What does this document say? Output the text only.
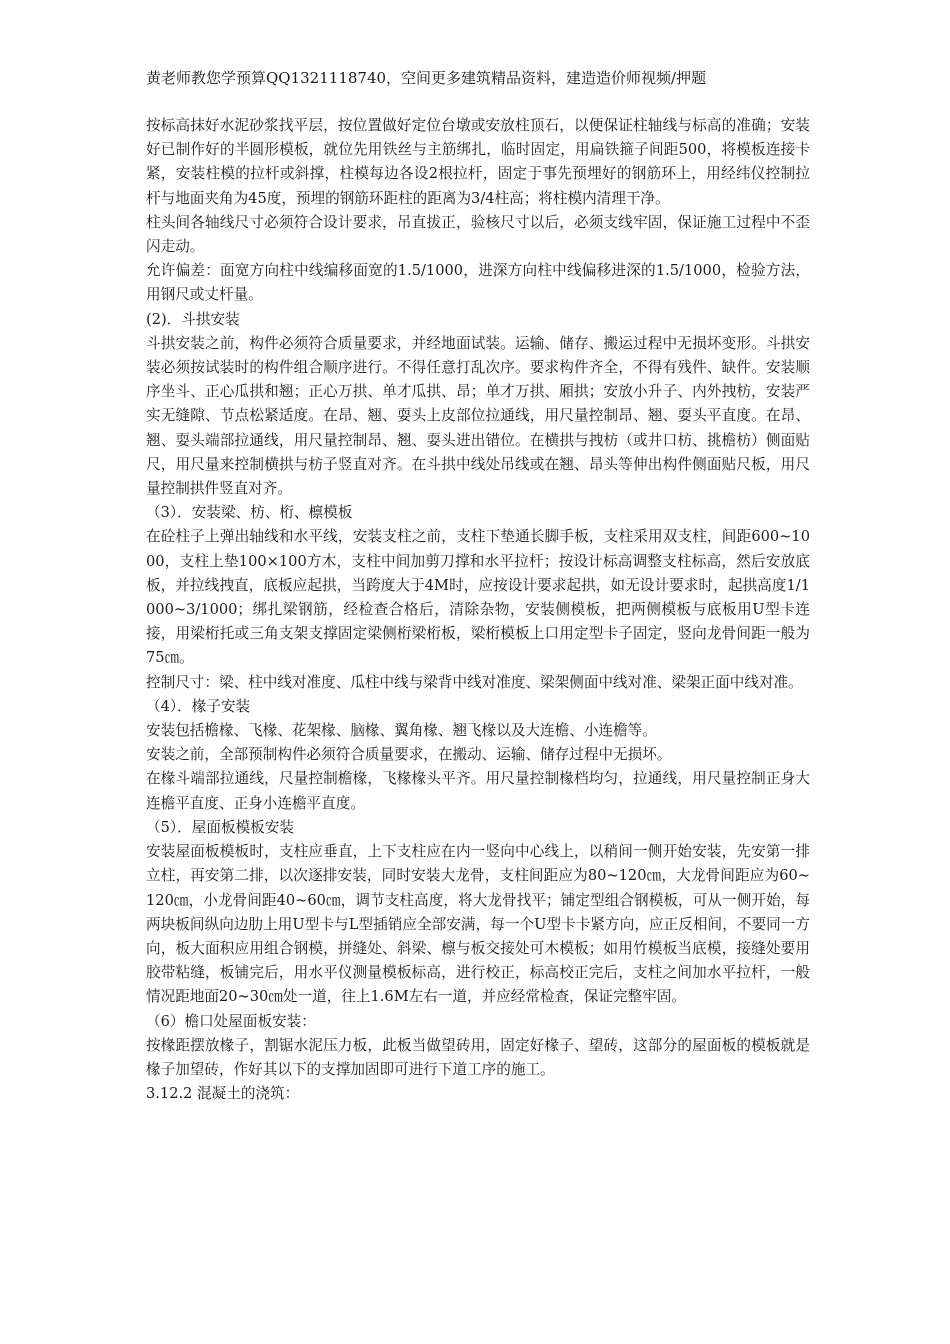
黄老师教您学预算QQ1321118740，空间更多建筑精品资料，建造造价师视频/押题

按标高抹好水泥砂浆找平层，按位置做好定位台墩或安放柱顶石，以便保证柱轴线与标高的准确；安装好已制作好的半圆形模板，就位先用铁丝与主筋绑扎，临时固定，用扁铁箍子间距500，将模板连接卡紧，安装柱模的拉杆或斜撑，柱模每边各设2根拉杆，固定于事先预埋好的钢筋环上，用经纬仪控制拉杆与地面夹角为45度，预埋的钢筋环距柱的距离为3/4柱高；将柱模内清理干净。

柱头间各轴线尺寸必须符合设计要求，吊直拔正，验核尺寸以后，必须支线牢固，保证施工过程中不歪闪走动。

允许偏差：面宽方向柱中线编移面宽的1.5/1000，进深方向柱中线偏移进深的1.5/1000，检验方法，用钢尺或丈杆量。

(2)．斗拱安装

斗拱安装之前，构件必须符合质量要求，并经地面试装。运输、储存、搬运过程中无损坏变形。斗拱安装必须按试装时的构件组合顺序进行。不得任意打乱次序。要求构件齐全，不得有残件、缺件。安装顺序坐斗、正心瓜拱和翘；正心万拱、单才瓜拱、昂；单才万拱、厢拱；安放小升子、内外拽枋，安装严实无缝隙、节点松紧适度。在昂、翘、耍头上皮部位拉通线，用尺量控制昂、翘、耍头平直度。在昂、翘、耍头端部拉通线，用尺量控制昂、翘、耍头进出错位。在横拱与拽枋（或井口枋、挑檐枋）侧面贴尺，用尺量来控制横拱与枋子竖直对齐。在斗拱中线处吊线或在翘、昂头等伸出构件侧面贴尺板，用尺量控制拱件竖直对齐。

（3）．安装梁、枋、桁、檩模板

在砼柱子上弹出轴线和水平线，安装支柱之前，支柱下垫通长脚手板，支柱采用双支柱，间距600~1000，支柱上垫100×100方木，支柱中间加剪刀撑和水平拉杆；按设计标高调整支柱标高，然后安放底板，并拉线拽直，底板应起拱，当跨度大于4M时，应按设计要求起拱，如无设计要求时，起拱高度1/1000~3/1000；绑扎梁钢筋，经检查合格后，清除杂物，安装侧模板，把两侧模板与底板用U型卡连接，用梁桁托或三角支架支撑固定梁侧桁梁桁板，梁桁模板上口用定型卡子固定，竖向龙骨间距一般为75㎝。

控制尺寸：梁、柱中线对准度、瓜柱中线与梁背中线对准度、梁架侧面中线对准、梁架正面中线对准。

（4）．椽子安装

安装包括檐椽、飞椽、花架椽、脑椽、翼角椽、翘飞椽以及大连檐、小连檐等。

安装之前，全部预制构件必须符合质量要求，在搬动、运输、储存过程中无损坏。

在椽斗端部拉通线，尺量控制檐椽，飞椽椽头平齐。用尺量控制椽档均匀，拉通线，用尺量控制正身大连檐平直度、正身小连檐平直度。

（5）．屋面板模板安装

安装屋面板模板时，支柱应垂直，上下支柱应在内一竖向中心线上，以稍间一侧开始安装，先安第一排立柱，再安第二排，以次逐排安装，同时安装大龙骨，支柱间距应为80~120㎝，大龙骨间距应为60~120㎝，小龙骨间距40~60㎝，调节支柱高度，将大龙骨找平；铺定型组合钢模板，可从一侧开始，每两块板间纵向边肋上用U型卡与L型插销应全部安满，每一个U型卡卡紧方向，应正反相间，不要同一方向，板大面积应用组合钢模，拼缝处、斜梁、檩与板交接处可木模板；如用竹模板当底模，接缝处要用胶带粘缝，板铺完后，用水平仪测量模板标高，进行校正，标高校正完后，支柱之间加水平拉杆，一般情况距地面20~30㎝处一道，往上1.6M左右一道，并应经常检查，保证完整牢固。

（6）檐口处屋面板安装：

按椽距摆放椽子，割锯水泥压力板，此板当做望砖用，固定好椽子、望砖，这部分的屋面板的模板就是椽子加望砖，作好其以下的支撑加固即可进行下道工序的施工。

3.12.2 混凝土的浇筑：
